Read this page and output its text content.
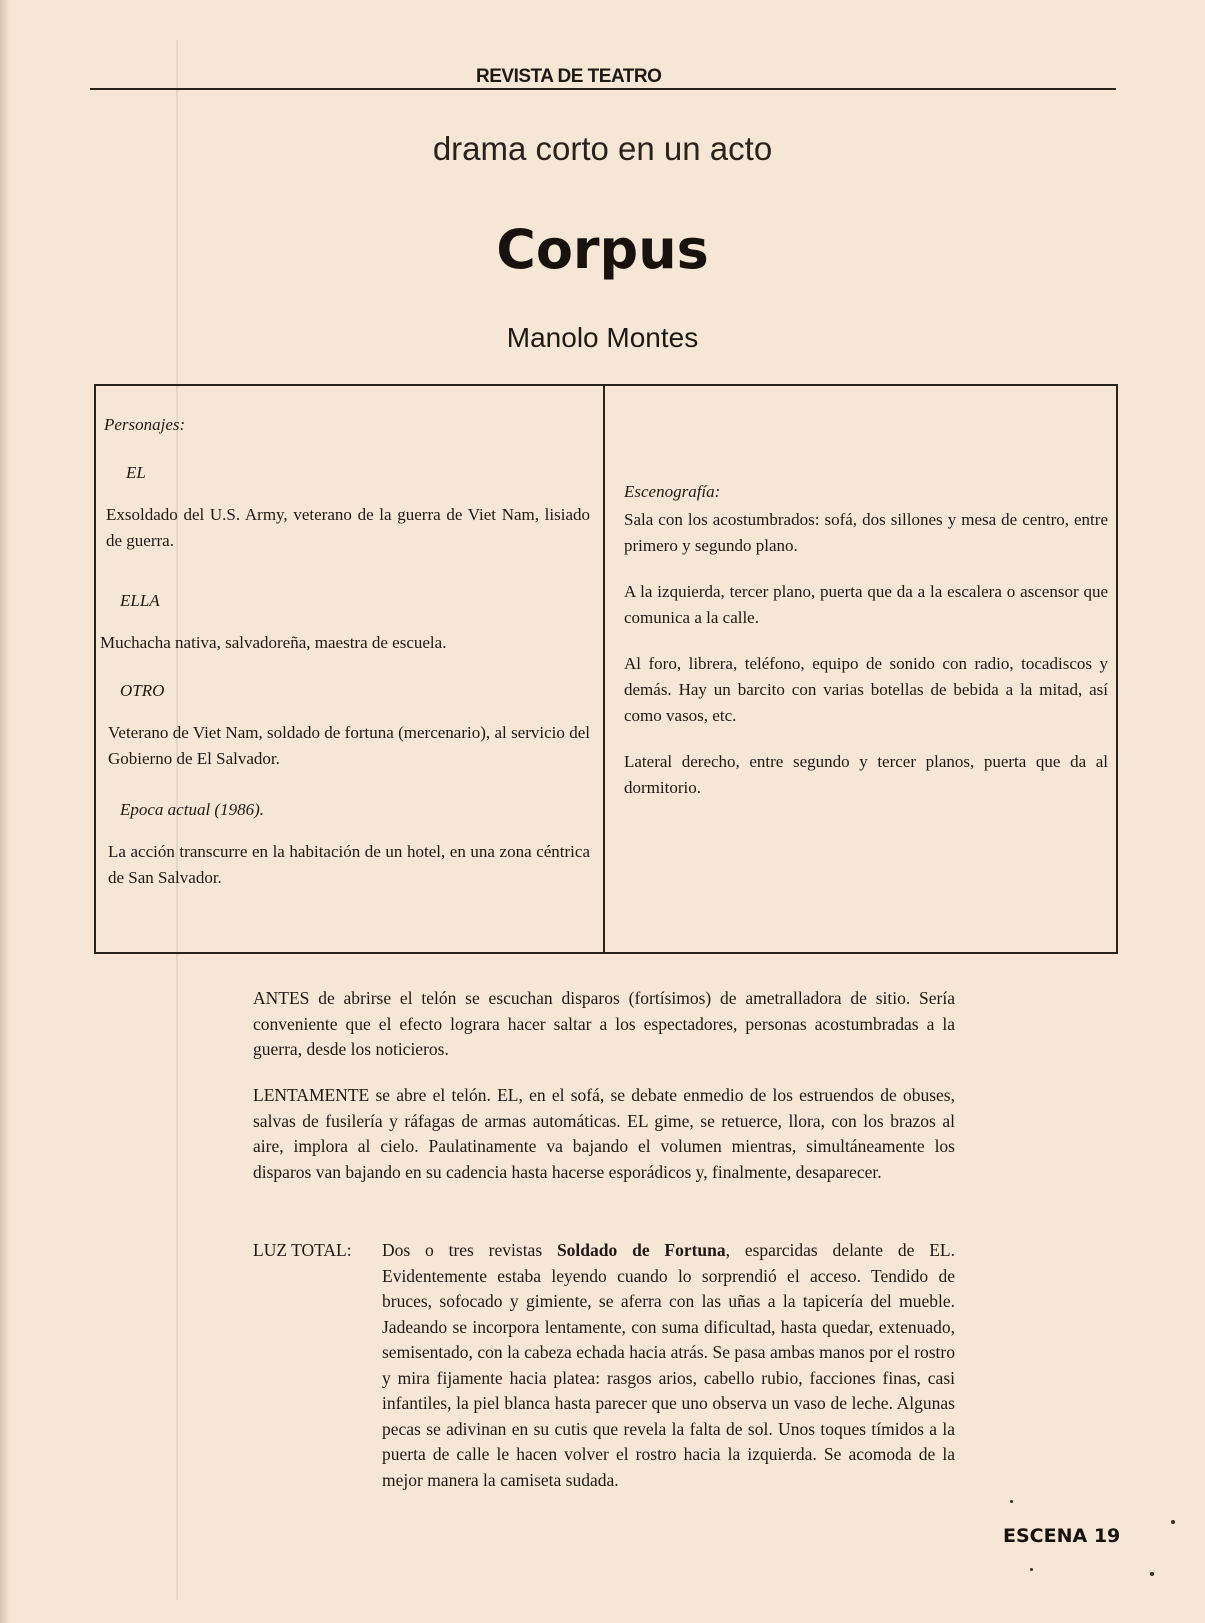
REVISTA DE TEATRO
drama corto en un acto
Corpus
Manolo Montes

Personajes:

EL

Exsoldado del U.S. Army, veterano de la guerra de Viet Nam, lisiado de guerra.

ELLA

Muchacha nativa, salvadoreña, maestra de escuela.

OTRO

Veterano de Viet Nam, soldado de fortuna (mercenario), al servicio del Gobierno de El Salvador.

Epoca actual (1986).

La acción transcurre en la habitación de un hotel, en una zona céntrica de San Salvador.

Escenografía:

Sala con los acostumbrados: sofá, dos sillones y mesa de centro, entre primero y segundo plano.

A la izquierda, tercer plano, puerta que da a la escalera o ascensor que comunica a la calle.

Al foro, librera, teléfono, equipo de sonido con radio, tocadiscos y demás. Hay un barcito con varias botellas de bebida a la mitad, así como vasos, etc.

Lateral derecho, entre segundo y tercer planos, puerta que da al dormitorio.

ANTES de abrirse el telón se escuchan disparos (fortísimos) de ametralladora de sitio. Sería conveniente que el efecto lograra hacer saltar a los espectadores, personas acostumbradas a la guerra, desde los noticieros.

LENTAMENTE se abre el telón. EL, en el sofá, se debate enmedio de los estruendos de obuses, salvas de fusilería y ráfagas de armas automáticas. EL gime, se retuerce, llora, con los brazos al aire, implora al cielo. Paulatinamente va bajando el volumen mientras, simultáneamente los disparos van bajando en su cadencia hasta hacerse esporádicos y, finalmente, desaparecer.

LUZ TOTAL: Dos o tres revistas Soldado de Fortuna, esparcidas delante de EL. Evidentemente estaba leyendo cuando lo sorprendió el acceso. Tendido de bruces, sofocado y gimiente, se aferra con las uñas a la tapicería del mueble. Jadeando se incorpora lentamente, con suma dificultad, hasta quedar, extenuado, semisentado, con la cabeza echada hacia atrás. Se pasa ambas manos por el rostro y mira fijamente hacia platea: rasgos arios, cabello rubio, facciones finas, casi infantiles, la piel blanca hasta parecer que uno observa un vaso de leche. Algunas pecas se adivinan en su cutis que revela la falta de sol. Unos toques tímidos a la puerta de calle le hacen volver el rostro hacia la izquierda. Se acomoda de la mejor manera la camiseta sudada.

ESCENA 19
